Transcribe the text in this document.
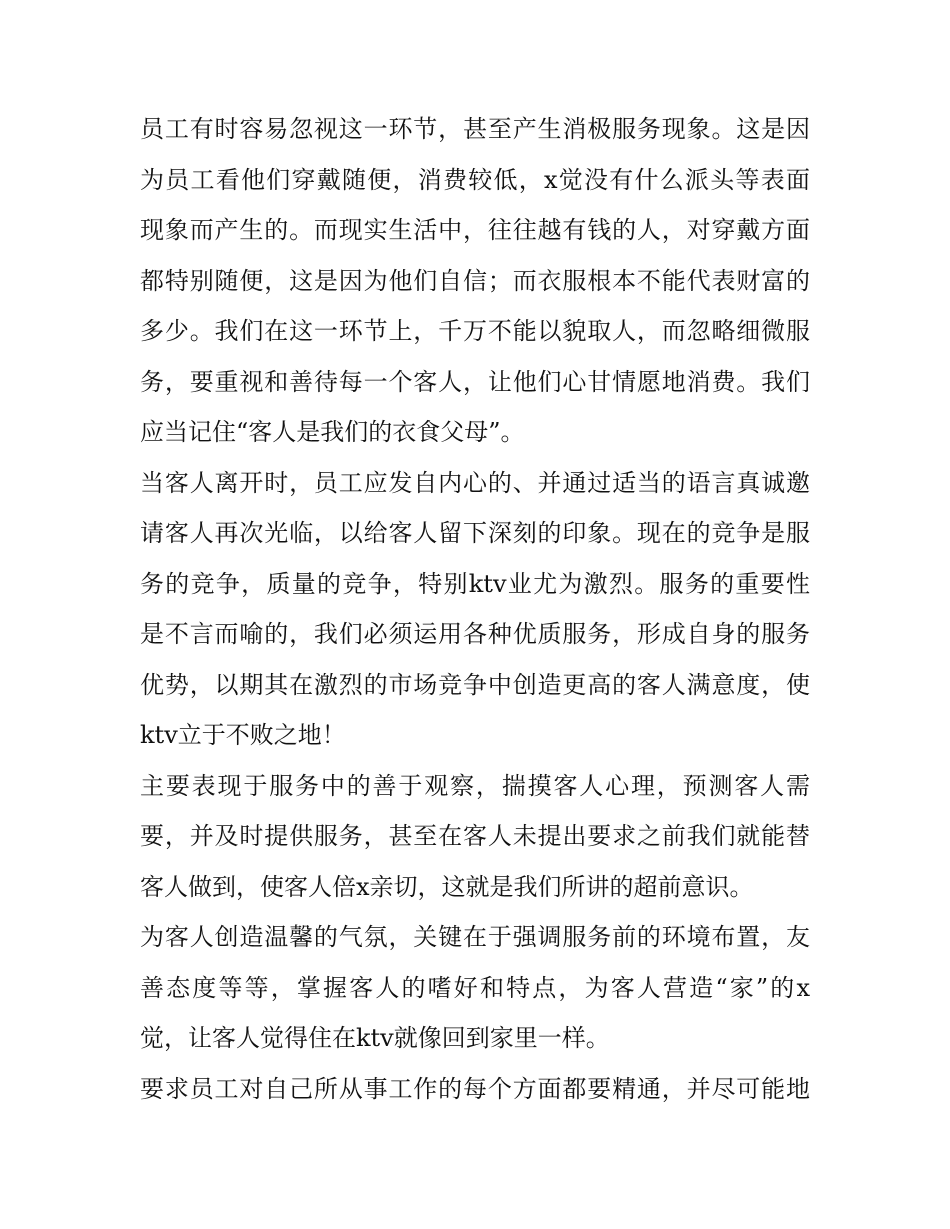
员工有时容易忽视这一环节，甚至产生消极服务现象。这是因
为员工看他们穿戴随便，消费较低，x觉没有什么派头等表面
现象而产生的。而现实生活中，往往越有钱的人，对穿戴方面
都特别随便，这是因为他们自信；而衣服根本不能代表财富的
多少。我们在这一环节上，千万不能以貌取人，而忽略细微服
务，要重视和善待每一个客人，让他们心甘情愿地消费。我们
应当记住“客人是我们的衣食父母”。
当客人离开时，员工应发自内心的、并通过适当的语言真诚邀
请客人再次光临，以给客人留下深刻的印象。现在的竞争是服
务的竞争，质量的竞争，特别ktv业尤为激烈。服务的重要性
是不言而喻的，我们必须运用各种优质服务，形成自身的服务
优势，以期其在激烈的市场竞争中创造更高的客人满意度，使
ktv立于不败之地！
主要表现于服务中的善于观察，揣摸客人心理，预测客人需
要，并及时提供服务，甚至在客人未提出要求之前我们就能替
客人做到，使客人倍x亲切，这就是我们所讲的超前意识。
为客人创造温馨的气氛，关键在于强调服务前的环境布置，友
善态度等等，掌握客人的嗜好和特点，为客人营造“家”的x
觉，让客人觉得住在ktv就像回到家里一样。
要求员工对自己所从事工作的每个方面都要精通，并尽可能地
